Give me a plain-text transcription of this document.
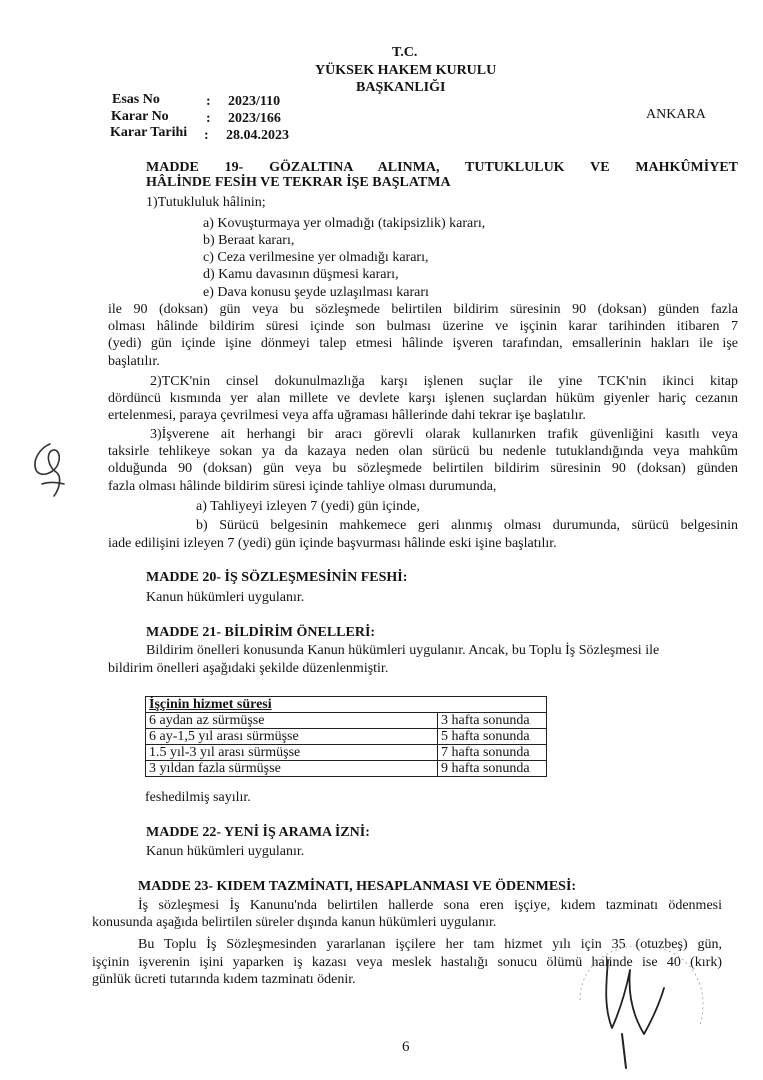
T.C.
YÜKSEK HAKEM KURULU
BAŞKANLIĞI
Esas No	: 2023/110
Karar No	: 2023/166
Karar Tarihi : 28.04.2023
ANKARA
MADDE 19- GÖZALTINA ALINMA, TUTUKLULUK VE MAHKÛMİYET
HÂLİNDE FESİH VE TEKRAR İŞE BAŞLATMA
1)Tutukluluk hâlinin;
a) Kovuşturmaya yer olmadığı (takipsizlik) kararı,
b) Beraat kararı,
c) Ceza verilmesine yer olmadığı kararı,
d) Kamu davasının düşmesi kararı,
e) Dava konusu şeyde uzlaşılması kararı
ile 90 (doksan) gün veya bu sözleşmede belirtilen bildirim süresinin 90 (doksan) günden fazla
olması hâlinde bildirim süresi içinde son bulması üzerine ve işçinin karar tarihinden itibaren 7
(yedi) gün içinde işine dönmeyi talep etmesi hâlinde işveren tarafından, emsallerinin hakları ile işe
başlatılır.
2)TCK'nin cinsel dokunulmazlığa karşı işlenen suçlar ile yine TCK'nin ikinci kitap
dördüncü kısmında yer alan millete ve devlete karşı işlenen suçlardan hüküm giyenler hariç cezanın
ertelenmesi, paraya çevrilmesi veya affa uğraması hâllerinde dahi tekrar işe başlatılır.
3)İşverene ait herhangi bir aracı görevli olarak kullanırken trafik güvenliğini kasıtlı veya
taksirle tehlikeye sokan ya da kazaya neden olan sürücü bu nedenle tutuklandığında veya mahkûm
olduğunda 90 (doksan) gün veya bu sözleşmede belirtilen bildirim süresinin 90 (doksan) günden
fazla olması hâlinde bildirim süresi içinde tahliye olması durumunda,
a) Tahliyeyi izleyen 7 (yedi) gün içinde,
b) Sürücü belgesinin mahkemece geri alınmış olması durumunda, sürücü belgesinin
iade edilişini izleyen 7 (yedi) gün içinde başvurması hâlinde eski işine başlatılır.
MADDE 20- İŞ SÖZLEŞMESİNİN FESHİ:
Kanun hükümleri uygulanır.
MADDE 21- BİLDİRİM ÖNELLERİ:
Bildirim önelleri konusunda Kanun hükümleri uygulanır. Ancak, bu Toplu İş Sözleşmesi ile
bildirim önelleri aşağıdaki şekilde düzenlenmiştir.
İşçinin hizmet süresi	
6 aydan az sürmüşse	3 hafta sonunda
6 ay-1,5 yıl arası sürmüşse	5 hafta sonunda
1.5 yıl-3 yıl arası sürmüşse	7 hafta sonunda
3 yıldan fazla sürmüşse	9 hafta sonunda
feshedilmiş sayılır.
MADDE 22- YENİ İŞ ARAMA İZNİ:
Kanun hükümleri uygulanır.
MADDE 23- KIDEM TAZMİNATI, HESAPLANMASI VE ÖDENMESİ:
İş sözleşmesi İş Kanunu'nda belirtilen hallerde sona eren işçiye, kıdem tazminatı ödenmesi
konusunda aşağıda belirtilen süreler dışında kanun hükümleri uygulanır.
Bu Toplu İş Sözleşmesinden yararlanan işçilere her tam hizmet yılı için 35 (otuzbeş) gün,
işçinin işverenin işini yaparken iş kazası veya meslek hastalığı sonucu ölümü halinde ise 40 (kırk)
günlük ücreti tutarında kıdem tazminatı ödenir.
6
